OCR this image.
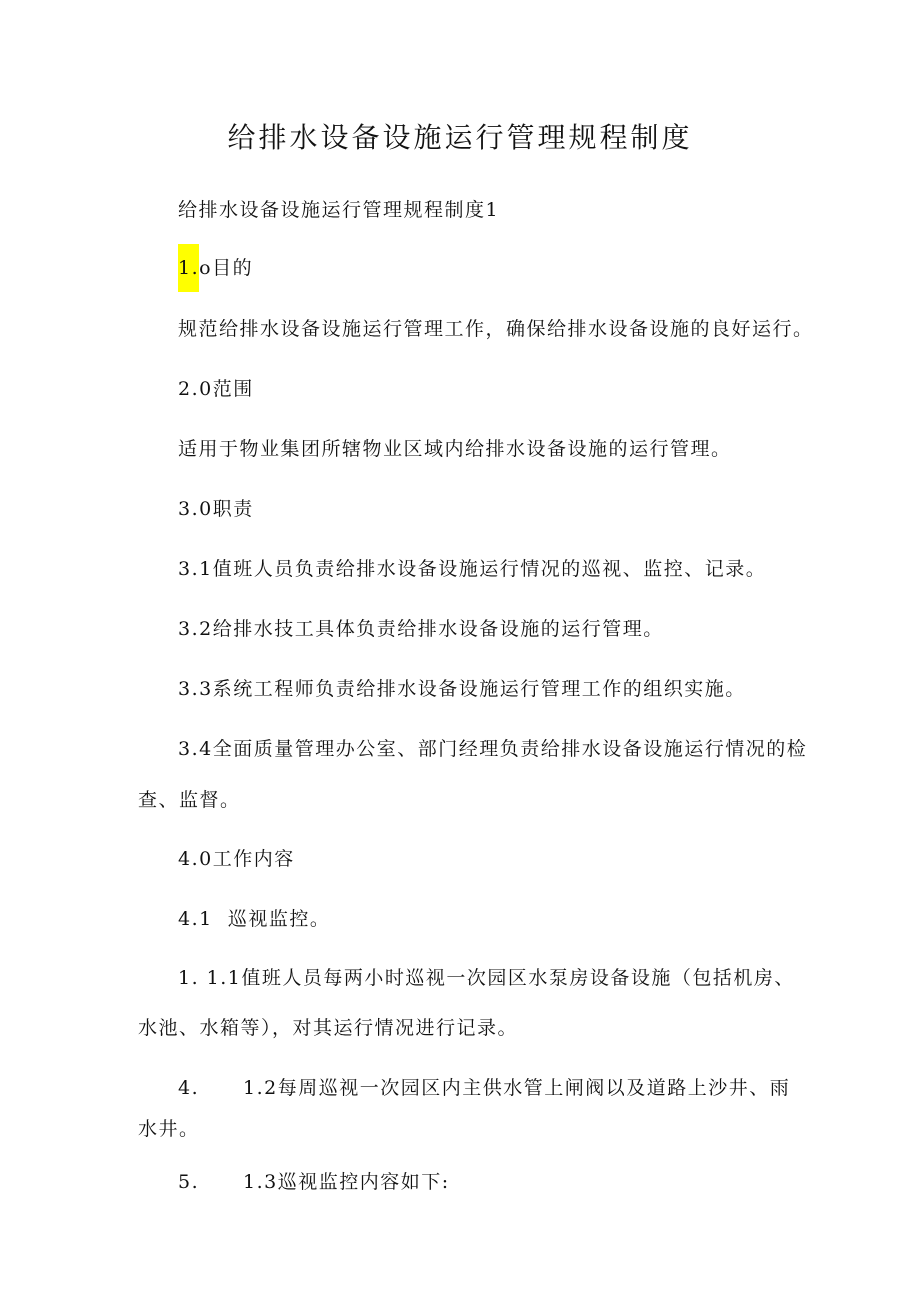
给排水设备设施运行管理规程制度
给排水设备设施运行管理规程制度1
1.o目的
规范给排水设备设施运行管理工作，确保给排水设备设施的良好运行。
2.0范围
适用于物业集团所辖物业区域内给排水设备设施的运行管理。
3.0职责
3.1值班人员负责给排水设备设施运行情况的巡视、监控、记录。
3.2给排水技工具体负责给排水设备设施的运行管理。
3.3系统工程师负责给排水设备设施运行管理工作的组织实施。
3.4全面质量管理办公室、部门经理负责给排水设备设施运行情况的检
查、监督。
4.0工作内容
4.1 巡视监控。
1. 1.1值班人员每两小时巡视一次园区水泵房设备设施（包括机房、
水池、水箱等），对其运行情况进行记录。
4. 1.2每周巡视一次园区内主供水管上闸阀以及道路上沙井、雨
水井。
5. 1.3巡视监控内容如下:
